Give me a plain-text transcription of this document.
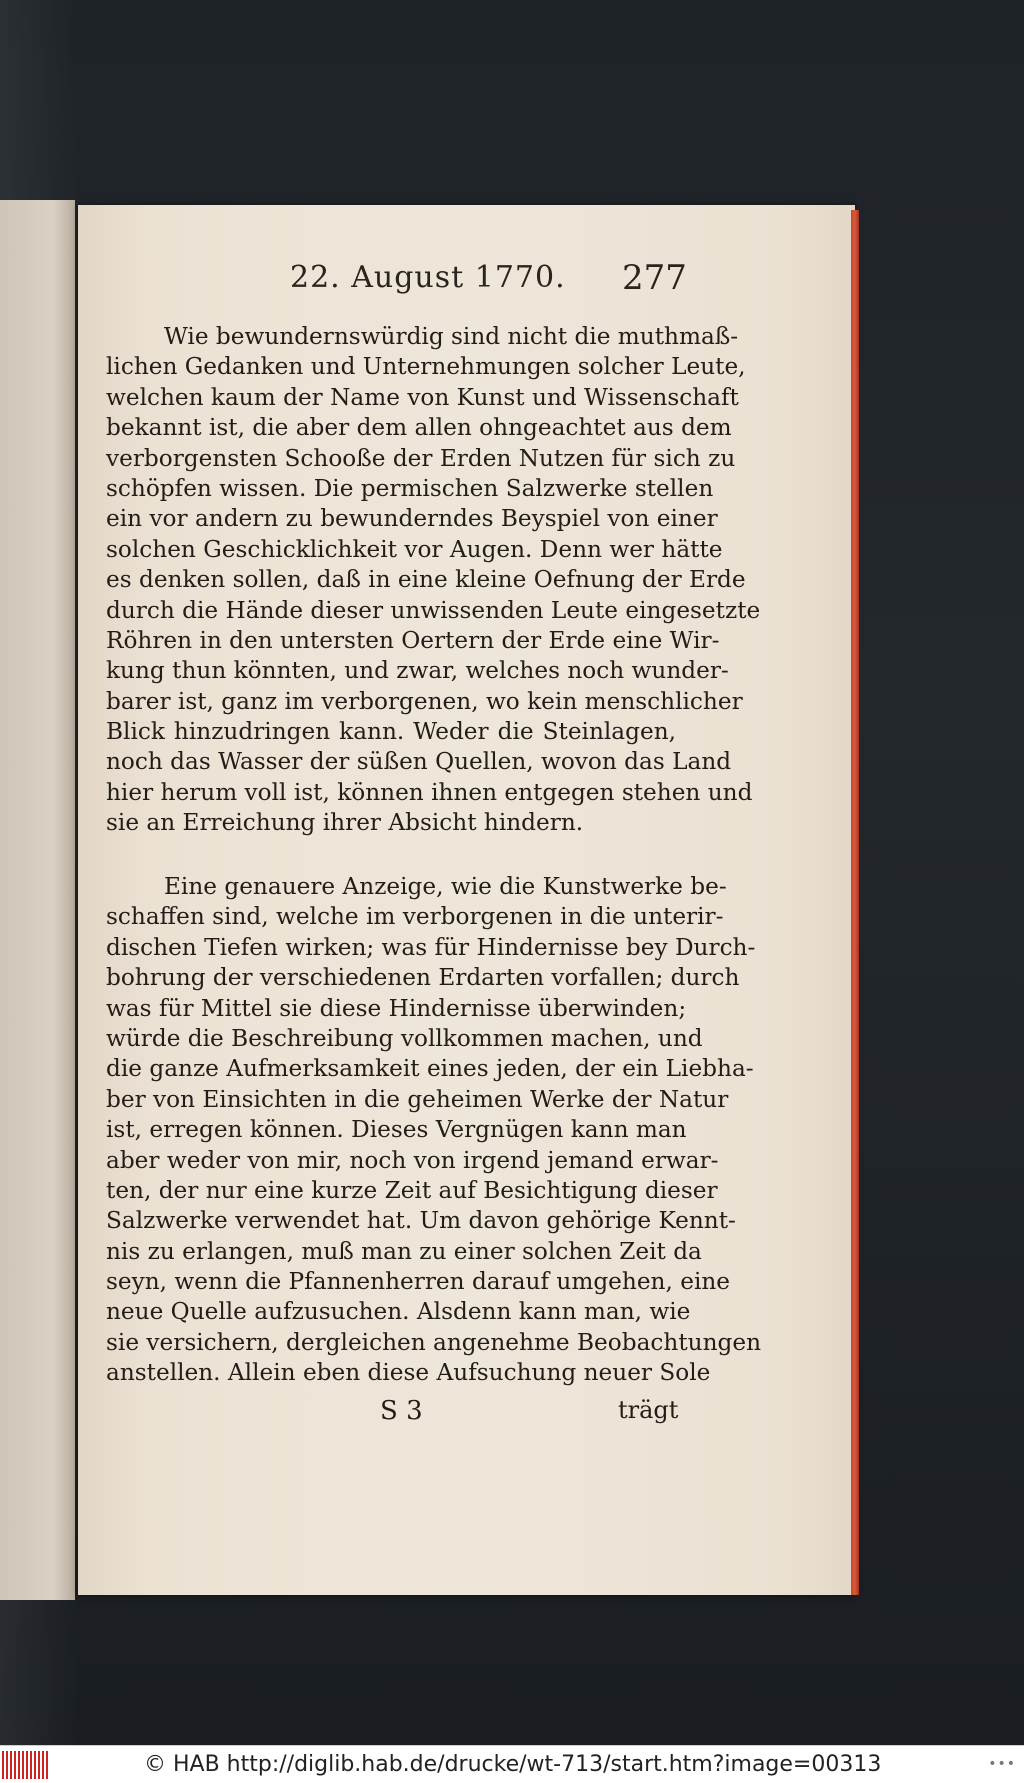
22. August 1770. 277
Wie bewundernswürdig sind nicht die muthmaß-
lichen Gedanken und Unternehmungen solcher Leute,
welchen kaum der Name von Kunst und Wissenschaft
bekannt ist, die aber dem allen ohngeachtet aus dem
verborgensten Schooße der Erden Nutzen für sich zu
schöpfen wissen. Die permischen Salzwerke stellen
ein vor andern zu bewunderndes Beyspiel von einer
solchen Geschicklichkeit vor Augen. Denn wer hätte
es denken sollen, daß in eine kleine Oefnung der Erde
durch die Hände dieser unwissenden Leute eingesetzte
Röhren in den untersten Oertern der Erde eine Wir-
kung thun könnten, und zwar, welches noch wunder-
barer ist, ganz im verborgenen, wo kein menschlicher
Blick hinzudringen kann. Weder die Steinlagen,
noch das Wasser der süßen Quellen, wovon das Land
hier herum voll ist, können ihnen entgegen stehen und
sie an Erreichung ihrer Absicht hindern.
Eine genauere Anzeige, wie die Kunstwerke be-
schaffen sind, welche im verborgenen in die unterir-
dischen Tiefen wirken; was für Hindernisse bey Durch-
bohrung der verschiedenen Erdarten vorfallen; durch
was für Mittel sie diese Hindernisse überwinden;
würde die Beschreibung vollkommen machen, und
die ganze Aufmerksamkeit eines jeden, der ein Liebha-
ber von Einsichten in die geheimen Werke der Natur
ist, erregen können. Dieses Vergnügen kann man
aber weder von mir, noch von irgend jemand erwar-
ten, der nur eine kurze Zeit auf Besichtigung dieser
Salzwerke verwendet hat. Um davon gehörige Kennt-
nis zu erlangen, muß man zu einer solchen Zeit da
seyn, wenn die Pfannenherren darauf umgehen, eine
neue Quelle aufzusuchen. Alsdenn kann man, wie
sie versichern, dergleichen angenehme Beobachtungen
anstellen. Allein eben diese Aufsuchung neuer Sole
S 3	trägt
© HAB http://diglib.hab.de/drucke/wt-713/start.htm?image=00313	•••
